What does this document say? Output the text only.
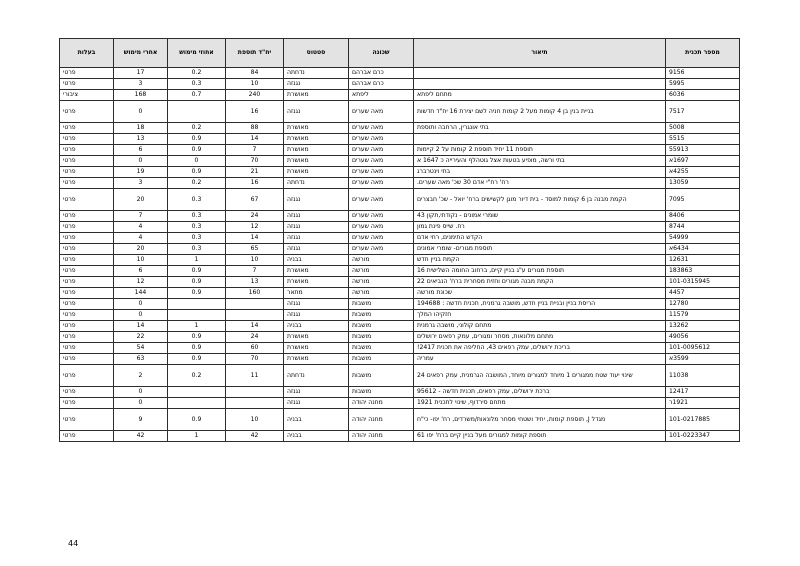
מספר תכנית	תיאור	שכונה	סטטוס	יח"ד תוספת	אחוזי מימוש	אחרי מימוש	בעלות
9156		כרם אברהם	נדחתה	84	0.2	17	פרטי
5995		כרם אברהם	נגנזה	10	0.3	3	פרטי
6036	מתחם ליפתא	ליפתא	מאושרת	240	0.7	168	ציבורי
7517	בניית בנין בן 4 קומות מעל 2 קומות חניה לשם יצירת 16 יח"ד חדשות	מאה שערים	נגנזה	16		0	פרטי
5008	בתי אונגרין, הרחבה ותוספת	מאה שערים	מאושרת	88	0.2	18	פרטי
5515		מאה שערים	מאושרת	14	0.9	13	פרטי
55913	תוספת 11 יחיד תוספת 2 קומות על 2 קיימות	מאה שערים	מאושרת	7	0.9	6	פרטי
1697א	בתי ורשה, מופיע בטעות אצל גוטהלף והעירייה כ 1647 א	מאה שערים	מאושרת	70	0	0	פרטי
4255א	בתי וינטרברג	מאה שערים	מאושרת	21	0.9	19	פרטי
13059	רח' רח"י אדם 30 שכ' מאה שערים.	מאה שערים	נדחתה	16	0.2	3	פרטי
7095	הקמת מבנה בן 6 קומות למוסד - בית דיור מוגן לקשישים ברח' יואל - שכ' חבצרים	מאה שערים	נגנזה	67	0.3	20	פרטי
8406	שומרי אמונים - נקודתי,תקון 43	מאה שערים	נגנזה	24	0.3	7	פרטי
8744	רח. שייס פינת גמון	מאה שערים	נגנזה	12	0.3	4	פרטי
54999	הקדש התימנים, רחי אדם	מאה שערים	נגנזה	14	0.3	4	פרטי
6434א	תוספת מגורים- שומרי אמונים	מאה שערים	נגנזה	65	0.3	20	פרטי
12631	הקמת בניין חדש	מורשה	בבניה	10	1	10	פרטי
183863	תוספת מגורים ע"ג בניין קיים, ברחוב החומה השלישית 16	מורשה	מאושרת	7	0.9	6	פרטי
101-0315945	הקמת מבנה מגורים וחזית מסחרית ברח' הנביאים 22	מורשה	מאושרת	13	0.9	12	פרטי
4457	שכונת מורשה	מורשה	מתאר	160	0.9	144	פרטי
12780	הריסת בניין ובניית בניין חדש, מושבה גרמנית, תכנית חדשה : 194688	מושבות	נגנזה			0	פרטי
11579	חזקיהו המלך	מושבות	נגנזה			0	פרטי
13262	מתחם קולוני, מושבה גרמנית	מושבות	בבניה	14	1	14	פרטי
49056	מתחם מלונאות, מסחר ומגורים, עמק רפאים ירושלים	מושבות	מאושרת	24	0.9	22	פרטי
101-0095612	בריכת ירושלים, עמק רפאים 43, החליפה את תכנית 2417!	מושבות	מאושרת	60	0.9	54	פרטי
3599א	עמריה	מושבות	מאושרת	70	0.9	63	פרטי
11038	שינוי יעוד שטח ממגורים 1 מיוחד למגורים מיוחד, המושבה הגרמנית, עמק רפאים 24	מושבות	נדחתה	11	0.2	2	פרטי
12417	ברכת ירושלים, עמק רפאים, תכנית חדשה - 95612	מושבות	נגנזה			0	פרטי
1921ר	מתחם סירדוף, שינוי לתכנית 1921	מחנה יהודה	נגנזה			0	פרטי
101-0217885	מגדל J, תוספת קומות, יחיד ושטחי מסחר מלונאות/משרדים, רח' יפו- כי"ח	מחנה יהודה	בבניה	10	0.9	9	פרטי
101-0223347	תוספת קומות למגורים מעל בניין קיים ברח' יפו 61	מחנה יהודה	בבניה	42	1	42	פרטי
44
